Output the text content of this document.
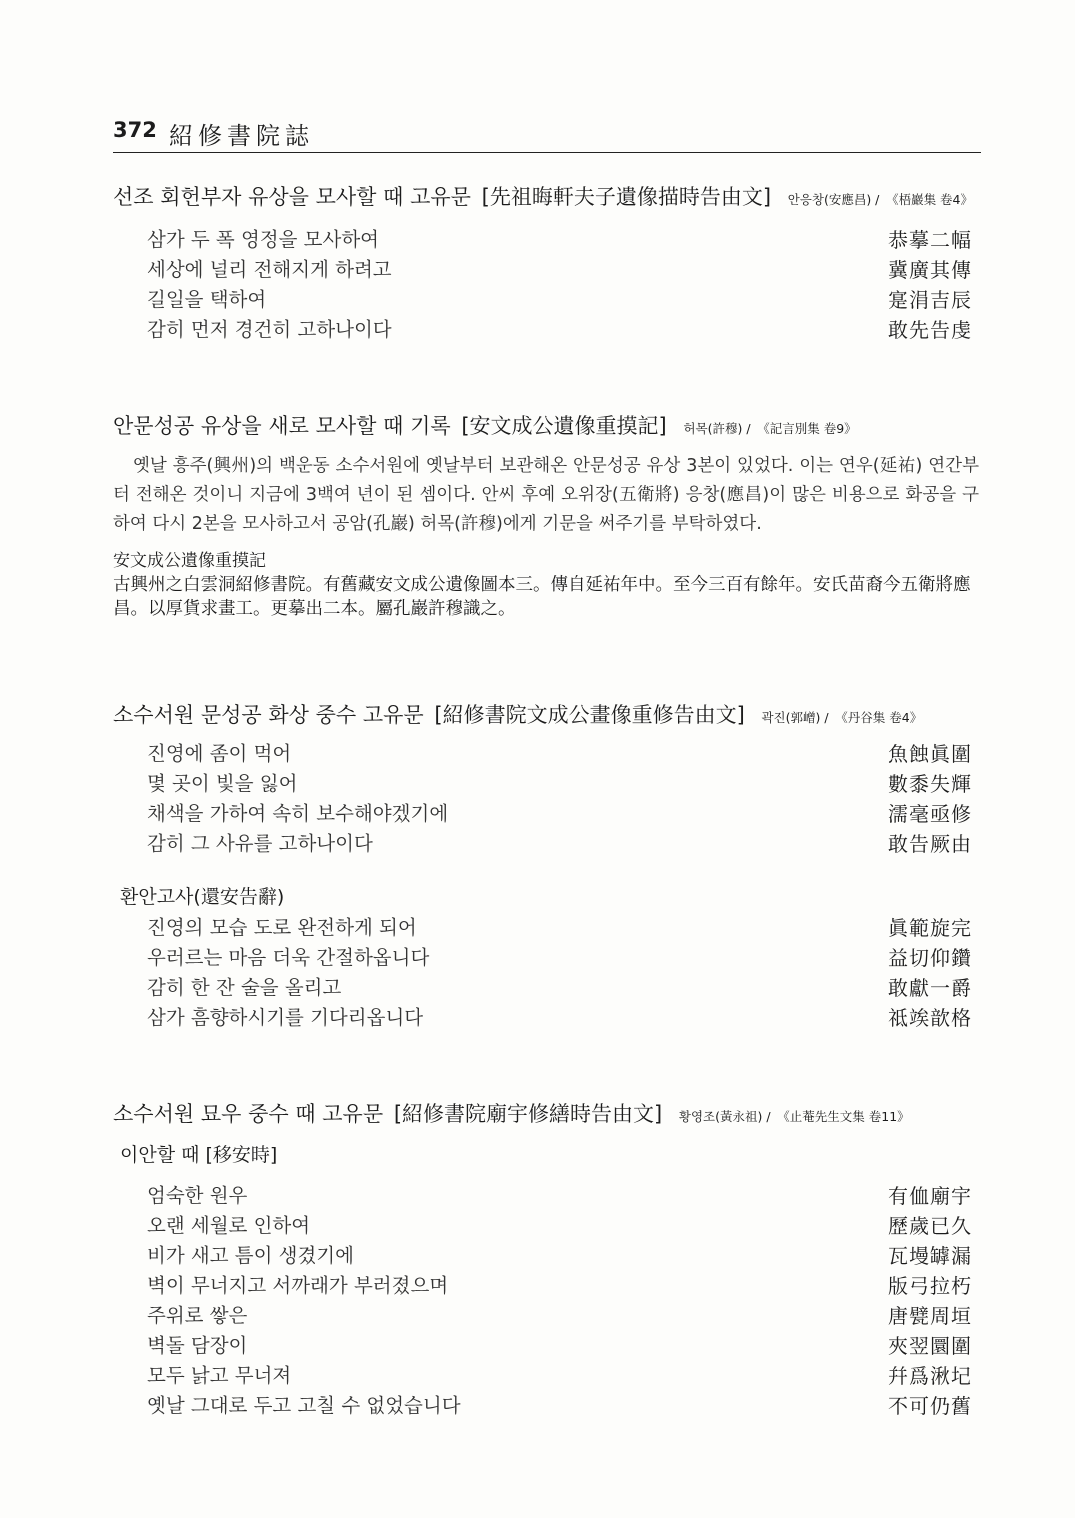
372 紹修書院誌
선조 회헌부자 유상을 모사할 때 고유문 [先祖晦軒夫子遺像描時告由文] 안응창(安應昌) / 《梧巖集 卷4》
삼가 두 폭 영정을 모사하여	恭摹二幅
세상에 널리 전해지게 하려고	冀廣其傳
길일을 택하여	寔涓吉辰
감히 먼저 경건히 고하나이다	敢先告虔
안문성공 유상을 새로 모사할 때 기록 [安文成公遺像重摸記] 허목(許穆) / 《記言別集 卷9》
옛날 흥주(興州)의 백운동 소수서원에 옛날부터 보관해온 안문성공 유상 3본이 있었다. 이는 연우(延祐) 연간부터 전해온 것이니 지금에 3백여 년이 된 셈이다. 안씨 후예 오위장(五衛將) 응창(應昌)이 많은 비용으로 화공을 구하여 다시 2본을 모사하고서 공암(孔巖) 허목(許穆)에게 기문을 써주기를 부탁하였다.
安文成公遺像重摸記
古興州之白雲洞紹修書院。有舊藏安文成公遺像圖本三。傳自延祐年中。至今三百有餘年。安氏苗裔今五衛將應昌。以厚貨求畫工。更摹出二本。屬孔巖許穆識之。
소수서원 문성공 화상 중수 고유문 [紹修書院文成公畫像重修告由文] 곽진(郭嶒) / 《丹谷集 卷4》
진영에 좀이 먹어	魚蝕眞圍
몇 곳이 빛을 잃어	數黍失輝
채색을 가하여 속히 보수해야겠기에	濡毫亟修
감히 그 사유를 고하나이다	敢告厥由
환안고사(還安告辭)
진영의 모습 도로 완전하게 되어	眞範旋完
우러르는 마음 더욱 간절하옵니다	益切仰鑽
감히 한 잔 술을 올리고	敢獻一爵
삼가 흠향하시기를 기다리옵니다	祗竢歆格
소수서원 묘우 중수 때 고유문 [紹修書院廟宇修繕時告由文] 황영조(黃永祖) / 《止菴先生文集 卷11》
이안할 때 [移安時]
엄숙한 원우	有侐廟宇
오랜 세월로 인하여	歷歲已久
비가 새고 틈이 생겼기에	瓦墁罅漏
벽이 무너지고 서까래가 부러졌으며	版弓拉朽
주위로 쌓은	唐甓周垣
벽돌 담장이	夾翌圜圍
모두 낡고 무너져	幷爲湫圮
옛날 그대로 두고 고칠 수 없었습니다	不可仍舊
